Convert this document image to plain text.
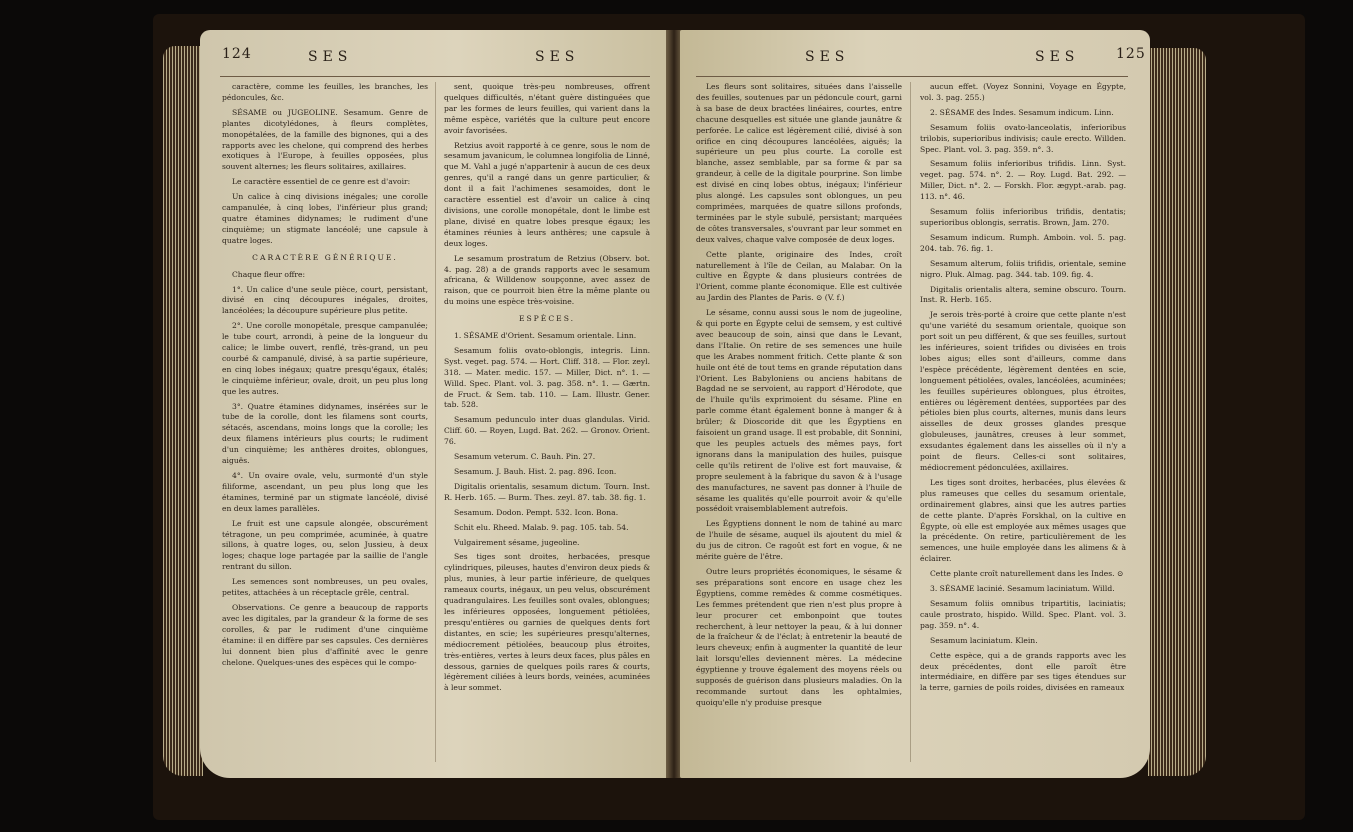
124	SES	SES

caractère, comme les feuilles, les branches, les pédoncules, &c.

SÉSAME ou JUGEOLINE. Sesamum. Genre de plantes dicotylédones, à fleurs complètes, monopétalées, de la famille des bignones, qui a des rapports avec les chelone, qui comprend des herbes exotiques à l'Europe, à feuilles opposées, plus souvent alternes; les fleurs solitaires, axillaires.

Le caractère essentiel de ce genre est d'avoir:

Un calice à cinq divisions inégales; une corolle campanulée, à cinq lobes, l'inférieur plus grand; quatre étamines didynames; le rudiment d'une cinquième; un stigmate lancéolé; une capsule à quatre loges.

CARACTÈRE GÉNÉRIQUE.

Chaque fleur offre:

1°. Un calice d'une seule pièce, court, persistant, divisé en cinq découpures inégales, droites, lancéolées; la découpure supérieure plus petite.

2°. Une corolle monopétale, presque campanulée; le tube court, arrondi, à peine de la longueur du calice; le limbe ouvert, renflé, très-grand, un peu courbé & campanulé, divisé, à sa partie supérieure, en cinq lobes inégaux; quatre presqu'égaux, étalés; le cinquième inférieur, ovale, droit, un peu plus long que les autres.

3°. Quatre étamines didynames, insérées sur le tube de la corolle, dont les filamens sont courts, sétacés, ascendans, moins longs que la corolle; les deux filamens intérieurs plus courts; le rudiment d'un cinquième; les anthères droites, oblongues, aiguës.

4°. Un ovaire ovale, velu, surmonté d'un style filiforme, ascendant, un peu plus long que les étamines, terminé par un stigmate lancéolé, divisé en deux lames parallèles.

Le fruit est une capsule alongée, obscurément tétragone, un peu comprimée, acuminée, à quatre sillons, à quatre loges, ou, selon Jussieu, à deux loges; chaque loge partagée par la saillie de l'angle rentrant du sillon.

Les semences sont nombreuses, un peu ovales, petites, attachées à un réceptacle grêle, central.

Observations. Ce genre a beaucoup de rapports avec les digitales, par la grandeur & la forme de ses corolles, & par le rudiment d'une cinquième étamine: il en diffère par ses capsules. Ces dernières lui donnent bien plus d'affinité avec le genre chelone. Quelques-unes des espèces qui le compo-

sent, quoique très-peu nombreuses, offrent quelques difficultés, n'étant guère distinguées que par les formes de leurs feuilles, qui varient dans la même espèce, variétés que la culture peut encore avoir favorisées.

Retzius avoit rapporté à ce genre, sous le nom de sesamum javanicum, le columnea longifolia de Linné, que M. Vahl a jugé n'appartenir à aucun de ces deux genres, qu'il a rangé dans un genre particulier, & dont il a fait l'achimenes sesamoides, dont le caractère essentiel est d'avoir un calice à cinq divisions, une corolle monopétale, dont le limbe est plane, divisé en quatre lobes presque égaux; les étamines réunies à leurs anthères; une capsule à deux loges.

Le sesamum prostratum de Retzius (Observ. bot. 4. pag. 28) a de grands rapports avec le sesamum africana, & Willdenow soupçonne, avec assez de raison, que ce pourroit bien être la même plante ou du moins une espèce très-voisine.

ESPÈCES.

1. SÉSAME d'Orient. Sesamum orientale. Linn.

Sesamum foliis ovato-oblongis, integris. Linn. Syst. veget. pag. 574. — Hort. Cliff. 318. — Flor. zeyl. 318. — Mater. medic. 157. — Miller, Dict. n°. 1. — Willd. Spec. Plant. vol. 3. pag. 358. n°. 1. — Gærtn. de Fruct. & Sem. tab. 110. — Lam. Illustr. Gener. tab. 528.

Sesamum pedunculo inter duas glandulas. Virid. Cliff. 60. — Royen, Lugd. Bat. 262. — Gronov. Orient. 76.

Sesamum veterum. C. Bauh. Pin. 27.

Sesamum. J. Bauh. Hist. 2. pag. 896. Icon.

Digitalis orientalis, sesamum dictum. Tourn. Inst. R. Herb. 165. — Burm. Thes. zeyl. 87. tab. 38. fig. 1.

Sesamum. Dodon. Pempt. 532. Icon. Bona.

Schit elu. Rheed. Malab. 9. pag. 105. tab. 54.

Vulgairement sésame, jugeoline.

Ses tiges sont droites, herbacées, presque cylindriques, pileuses, hautes d'environ deux pieds & plus, munies, à leur partie inférieure, de quelques rameaux courts, inégaux, un peu velus, obscurément quadrangulaires. Les feuilles sont ovales, oblongues; les inférieures opposées, longuement pétiolées, presqu'entières ou garnies de quelques dents fort distantes, en scie; les supérieures presqu'alternes, médiocrement pétiolées, beaucoup plus étroites, très-entières, vertes à leurs deux faces, plus pâles en dessous, garnies de quelques poils rares & courts, légèrement ciliées à leurs bords, veinées, acuminées à leur sommet.

SES	SES	125

Les fleurs sont solitaires, situées dans l'aisselle des feuilles, soutenues par un pédoncule court, garni à sa base de deux bractées linéaires, courtes, entre chacune desquelles est située une glande jaunâtre & perforée. Le calice est légèrement cilié, divisé à son orifice en cinq découpures lancéolées, aiguës; la supérieure un peu plus courte. La corolle est blanche, assez semblable, par sa forme & par sa grandeur, à celle de la digitale pourprine. Son limbe est divisé en cinq lobes obtus, inégaux; l'inférieur plus alongé. Les capsules sont oblongues, un peu comprimées, marquées de quatre sillons profonds, terminées par le style subulé, persistant; marquées de côtes transversales, s'ouvrant par leur sommet en deux valves, chaque valve composée de deux loges.

Cette plante, originaire des Indes, croît naturellement à l'île de Ceilan, au Malabar. On la cultive en Égypte & dans plusieurs contrées de l'Orient, comme plante économique. Elle est cultivée au Jardin des Plantes de Paris. ⊙ (V. f.)

Le sésame, connu aussi sous le nom de jugeoline, & qui porte en Égypte celui de semsem, y est cultivé avec beaucoup de soin, ainsi que dans le Levant, dans l'Italie. On retire de ses semences une huile que les Arabes nomment fritich. Cette plante & son huile ont été de tout tems en grande réputation dans l'Orient. Les Babyloniens ou anciens habitans de Bagdad ne se servoient, au rapport d'Hérodote, que de l'huile qu'ils exprimoient du sésame. Pline en parle comme étant également bonne à manger & à brûler; & Dioscoride dit que les Égyptiens en faisoient un grand usage. Il est probable, dit Sonnini, que les peuples actuels des mêmes pays, fort ignorans dans la manipulation des huiles, puisque celle qu'ils retirent de l'olive est fort mauvaise, & propre seulement à la fabrique du savon & à l'usage des manufactures, ne savent pas donner à l'huile de sésame les qualités qu'elle pourroit avoir & qu'elle possédoit vraisemblablement autrefois.

Les Égyptiens donnent le nom de tahiné au marc de l'huile de sésame, auquel ils ajoutent du miel & du jus de citron. Ce ragoût est fort en vogue, & ne mérite guère de l'être.

Outre leurs propriétés économiques, le sésame & ses préparations sont encore en usage chez les Égyptiens, comme remèdes & comme cosmétiques. Les femmes prétendent que rien n'est plus propre à leur procurer cet embonpoint que toutes recherchent, à leur nettoyer la peau, & à lui donner de la fraîcheur & de l'éclat; à entretenir la beauté de leurs cheveux; enfin à augmenter la quantité de leur lait lorsqu'elles deviennent mères. La médecine égyptienne y trouve également des moyens réels ou supposés de guérison dans plusieurs maladies. On la recommande surtout dans les ophtalmies, quoiqu'elle n'y produise presque

aucun effet. (Voyez Sonnini, Voyage en Égypte, vol. 3. pag. 255.)

2. SÉSAME des Indes. Sesamum indicum. Linn.

Sesamum foliis ovato-lanceolatis, inferioribus trilobis, superioribus indivisis; caule erecto. Willden. Spec. Plant. vol. 3. pag. 359. n°. 3.

Sesamum foliis inferioribus trifidis. Linn. Syst. veget. pag. 574. n°. 2. — Roy. Lugd. Bat. 292. — Miller, Dict. n°. 2. — Forskh. Flor. ægypt.-arab. pag. 113. n°. 46.

Sesamum foliis inferioribus trifidis, dentatis; superioribus oblongis, serratis. Brown, Jam. 270.

Sesamum indicum. Rumph. Amboin. vol. 5. pag. 204. tab. 76. fig. 1.

Sesamum alterum, foliis trifidis, orientale, semine nigro. Pluk. Almag. pag. 344. tab. 109. fig. 4.

Digitalis orientalis altera, semine obscuro. Tourn. Inst. R. Herb. 165.

Je serois très-porté à croire que cette plante n'est qu'une variété du sesamum orientale, quoique son port soit un peu différent, & que ses feuilles, surtout les inférieures, soient trifides ou divisées en trois lobes aigus; elles sont d'ailleurs, comme dans l'espèce précédente, légèrement dentées en scie, longuement pétiolées, ovales, lancéolées, acuminées; les feuilles supérieures oblongues, plus étroites, entières ou légèrement dentées, supportées par des pétioles bien plus courts, alternes, munis dans leurs aisselles de deux grosses glandes presque globuleuses, jaunâtres, creuses à leur sommet, exsudantes également dans les aisselles où il n'y a point de fleurs. Celles-ci sont solitaires, médiocrement pédonculées, axillaires.

Les tiges sont droites, herbacées, plus élevées & plus rameuses que celles du sesamum orientale, ordinairement glabres, ainsi que les autres parties de cette plante. D'après Forskhal, on la cultive en Égypte, où elle est employée aux mêmes usages que la précédente. On retire, particulièrement de les semences, une huile employée dans les alimens & à éclairer.

Cette plante croît naturellement dans les Indes. ⊙

3. SÉSAME lacinié. Sesamum laciniatum. Willd.

Sesamum foliis omnibus tripartitis, laciniatis; caule prostrato, hispido. Willd. Spec. Plant. vol. 3. pag. 359. n°. 4.

Sesamum laciniatum. Klein.

Cette espèce, qui a de grands rapports avec les deux précédentes, dont elle paroît être intermédiaire, en diffère par ses tiges étendues sur la terre, garnies de poils roides, divisées en rameaux
